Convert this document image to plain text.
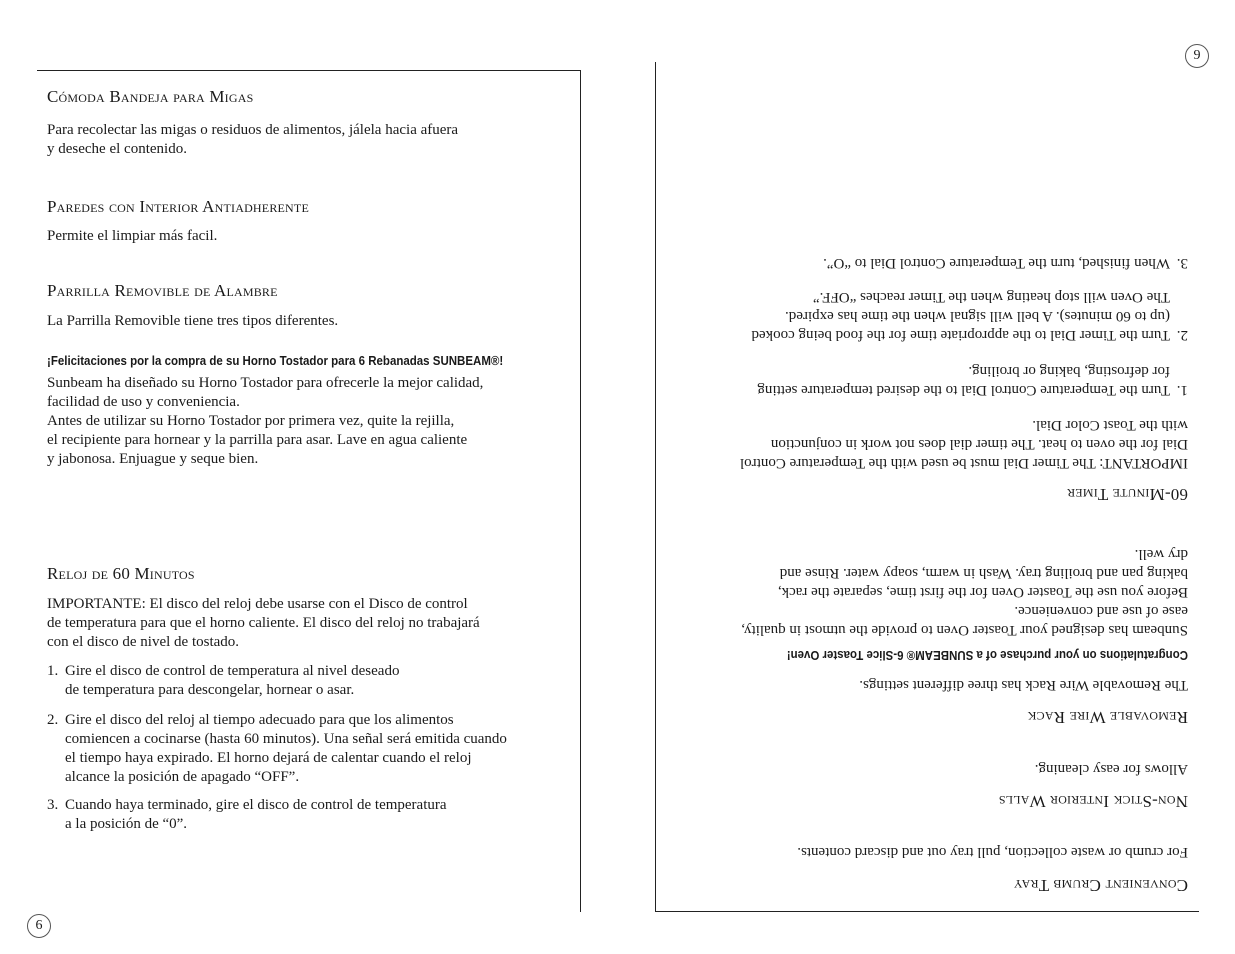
Cómoda Bandeja para Migas
Para recolectar las migas o residuos de alimentos, jálela hacia afuera
y deseche el contenido.
Paredes con Interior Antiadherente
Permite el limpiar más facil.
Parrilla Removible de Alambre
La Parrilla Removible tiene tres tipos diferentes.
¡Felicitaciones por la compra de su Horno Tostador para 6 Rebanadas SUNBEAM®!
Sunbeam ha diseñado su Horno Tostador para ofrecerle la mejor calidad,
facilidad de uso y conveniencia.
Antes de utilizar su Horno Tostador por primera vez, quite la rejilla,
el recipiente para hornear y la parrilla para asar. Lave en agua caliente
y jabonosa. Enjuague y seque bien.
Reloj de 60 Minutos
IMPORTANTE: El disco del reloj debe usarse con el Disco de control
de temperatura para que el horno caliente. El disco del reloj no trabajará
con el disco de nivel de tostado.
1. Gire el disco de control de temperatura al nivel deseado
de temperatura para descongelar, hornear o asar.
2. Gire el disco del reloj al tiempo adecuado para que los alimentos
comiencen a cocinarse (hasta 60 minutos). Una señal será emitida cuando
el tiempo haya expirado. El horno dejará de calentar cuando el reloj
alcance la posición de apagado “OFF”.
3. Cuando haya terminado, gire el disco de control de temperatura
a la posición de “0”.
6
9
Convenient Crumb Tray
For crumb or waste collection, pull tray out and discard contents.
Non-Stick Interior Walls
Allows for easy cleaning.
Removable Wire Rack
The Removable Wire Rack has three different settings.
Congratulations on your purchase of a SUNBEAM® 6-Slice Toaster Oven!
Sunbeam has designed your Toaster Oven to provide the utmost in quality,
ease of use and convenience.
Before you use the Toaster Oven for the first time, separate the rack,
baking pan and broiling tray. Wash in warm, soapy water. Rinse and
dry well.
60-Minute Timer
IMPORTANT: The Timer Dial must be used with the Temperature Control
Dial for the oven to heat. The timer dial does not work in conjunction
with the Toast Color Dial.
1.
Turn the Temperature Control Dial to the desired temperature setting
for defrosting, baking or broiling.
2.
Turn the Timer Dial to the appropriate time for the food being cooked
(up to 60 minutes). A bell will signal when the time has expired.
The Oven will stop heating when the Timer reaches “OFF.”
3.
When finished, turn the Temperature Control Dial to “O”.
